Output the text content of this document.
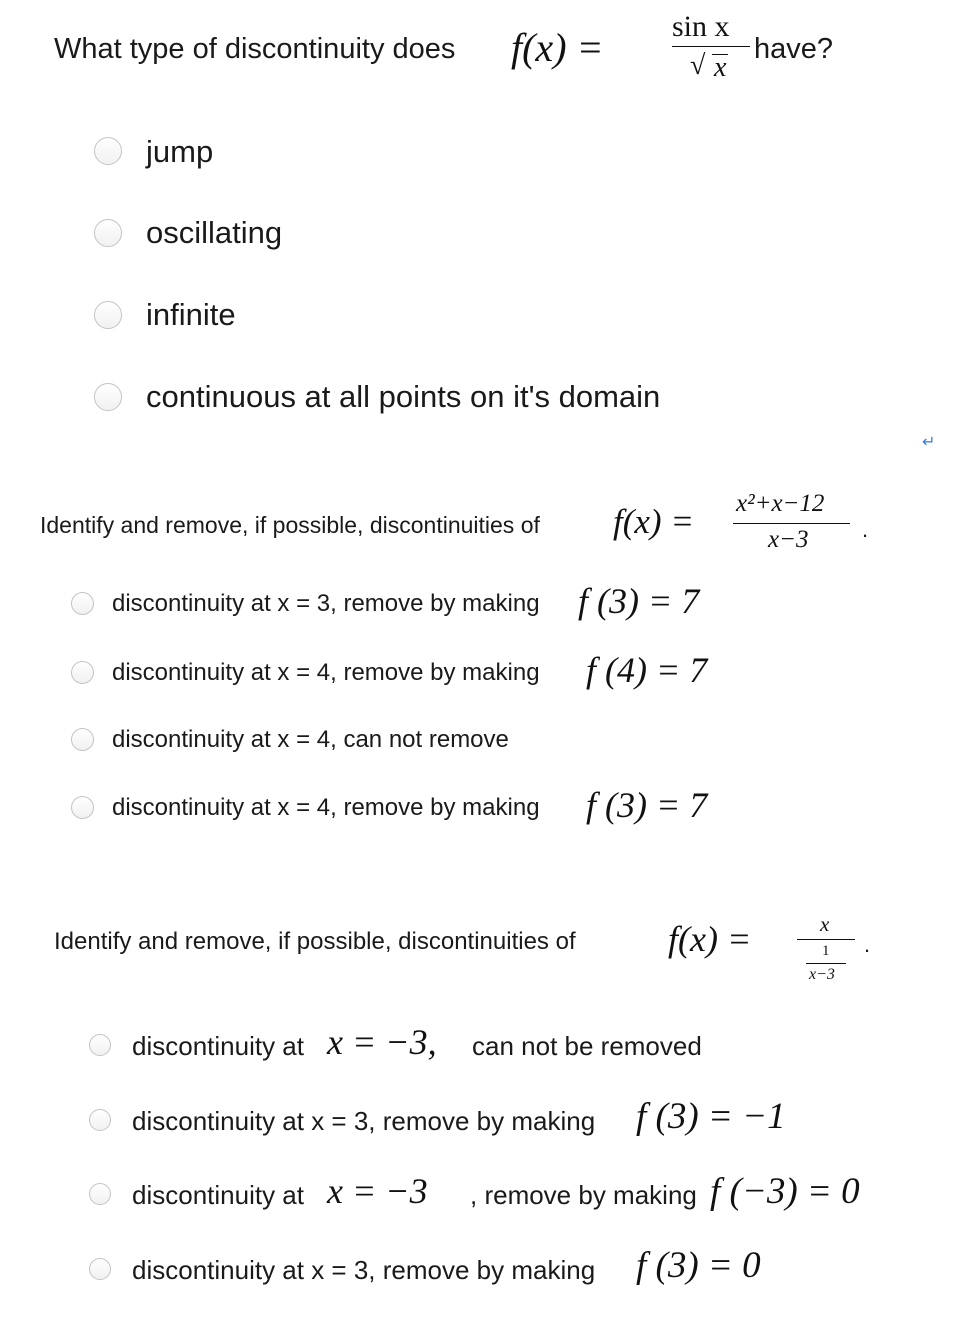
What type of discontinuity does f(x) = sin x
√ x
have?
jump
oscillating
infinite
continuous at all points on it's domain
↵
Identify and remove, if possible, discontinuities of f(x) = x²+x−12
x−3 .
discontinuity at x = 3, remove by making f (3) = 7
discontinuity at x = 4, remove by making f (4) = 7
discontinuity at x = 4, can not remove
discontinuity at x = 4, remove by making f (3) = 7
Identify and remove, if possible, discontinuities of	f(x) =	x
1
x−3
.
discontinuity at x = −3, can not be removed
discontinuity at x = 3, remove by making f (3) = −1
discontinuity at x = −3 , remove by making f (−3) = 0
discontinuity at x = 3, remove by making f (3) = 0
